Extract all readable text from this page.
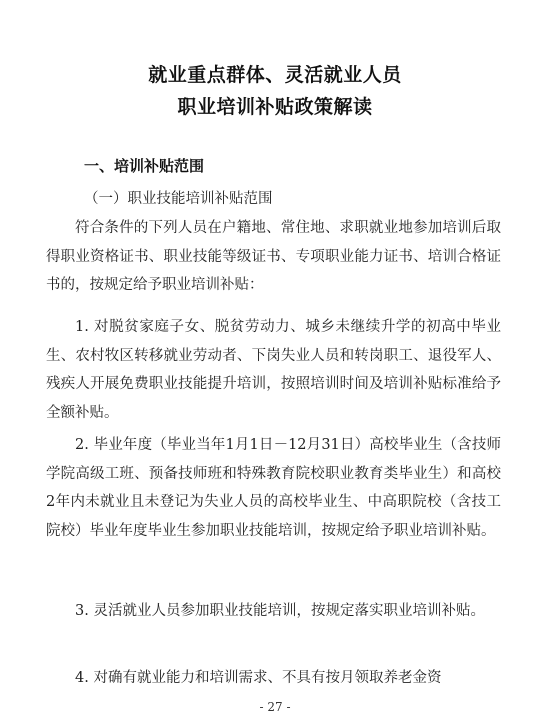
就业重点群体、灵活就业人员
职业培训补贴政策解读
一、培训补贴范围
（一）职业技能培训补贴范围
符合条件的下列人员在户籍地、常住地、求职就业地参加培训后取得职业资格证书、职业技能等级证书、专项职业能力证书、培训合格证书的，按规定给予职业培训补贴：
1. 对脱贫家庭子女、脱贫劳动力、城乡未继续升学的初高中毕业生、农村牧区转移就业劳动者、下岗失业人员和转岗职工、退役军人、残疾人开展免费职业技能提升培训，按照培训时间及培训补贴标准给予全额补贴。
2. 毕业年度（毕业当年1月1日－12月31日）高校毕业生（含技师学院高级工班、预备技师班和特殊教育院校职业教育类毕业生）和高校2年内未就业且未登记为失业人员的高校毕业生、中高职院校（含技工院校）毕业年度毕业生参加职业技能培训，按规定给予职业培训补贴。
3. 灵活就业人员参加职业技能培训，按规定落实职业培训补贴。
4. 对确有就业能力和培训需求、不具有按月领取养老金资
- 27 -
